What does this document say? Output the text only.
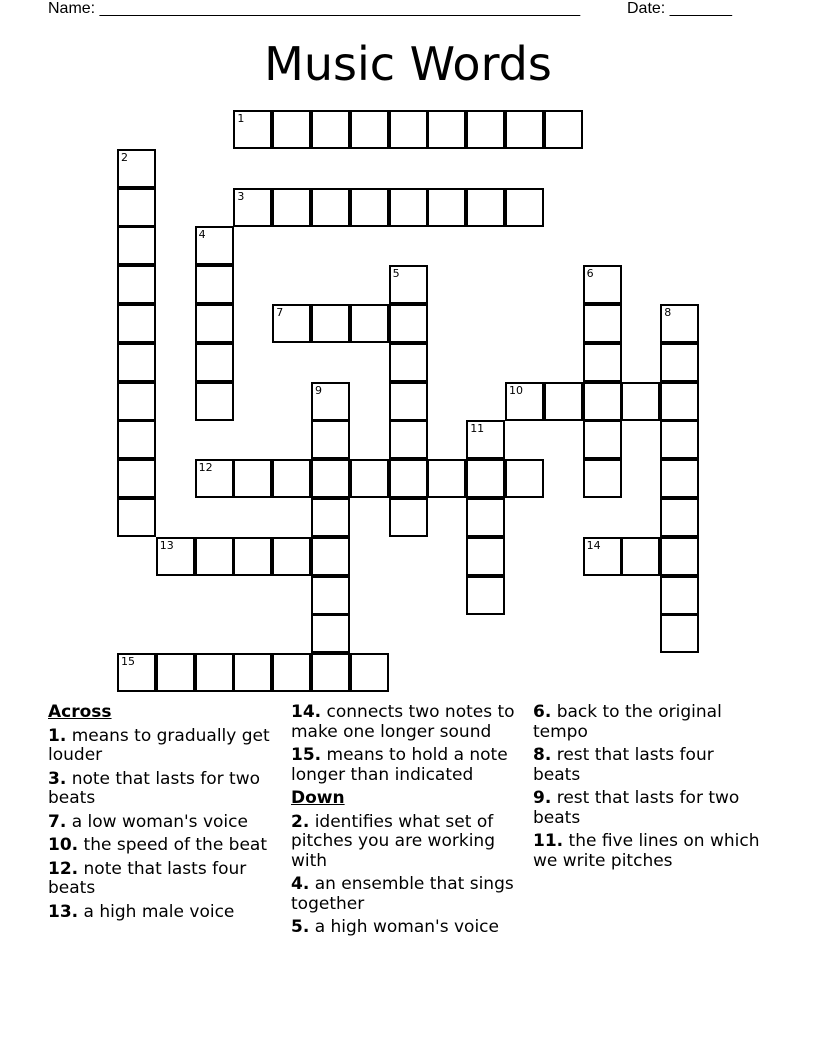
Name: ______________________________________________________	Date: _______
Music Words
1
2
3
4
5	6
7	8
9	10
11
12
13	14
15
Across
1. means to gradually get louder
3. note that lasts for two beats
7. a low woman's voice
10. the speed of the beat
12. note that lasts four beats
13. a high male voice
14. connects two notes to make one longer sound
15. means to hold a note longer than indicated
Down
2. identifies what set of pitches you are working with
4. an ensemble that sings together
5. a high woman's voice
6. back to the original tempo
8. rest that lasts four beats
9. rest that lasts for two beats
11. the five lines on which we write pitches
